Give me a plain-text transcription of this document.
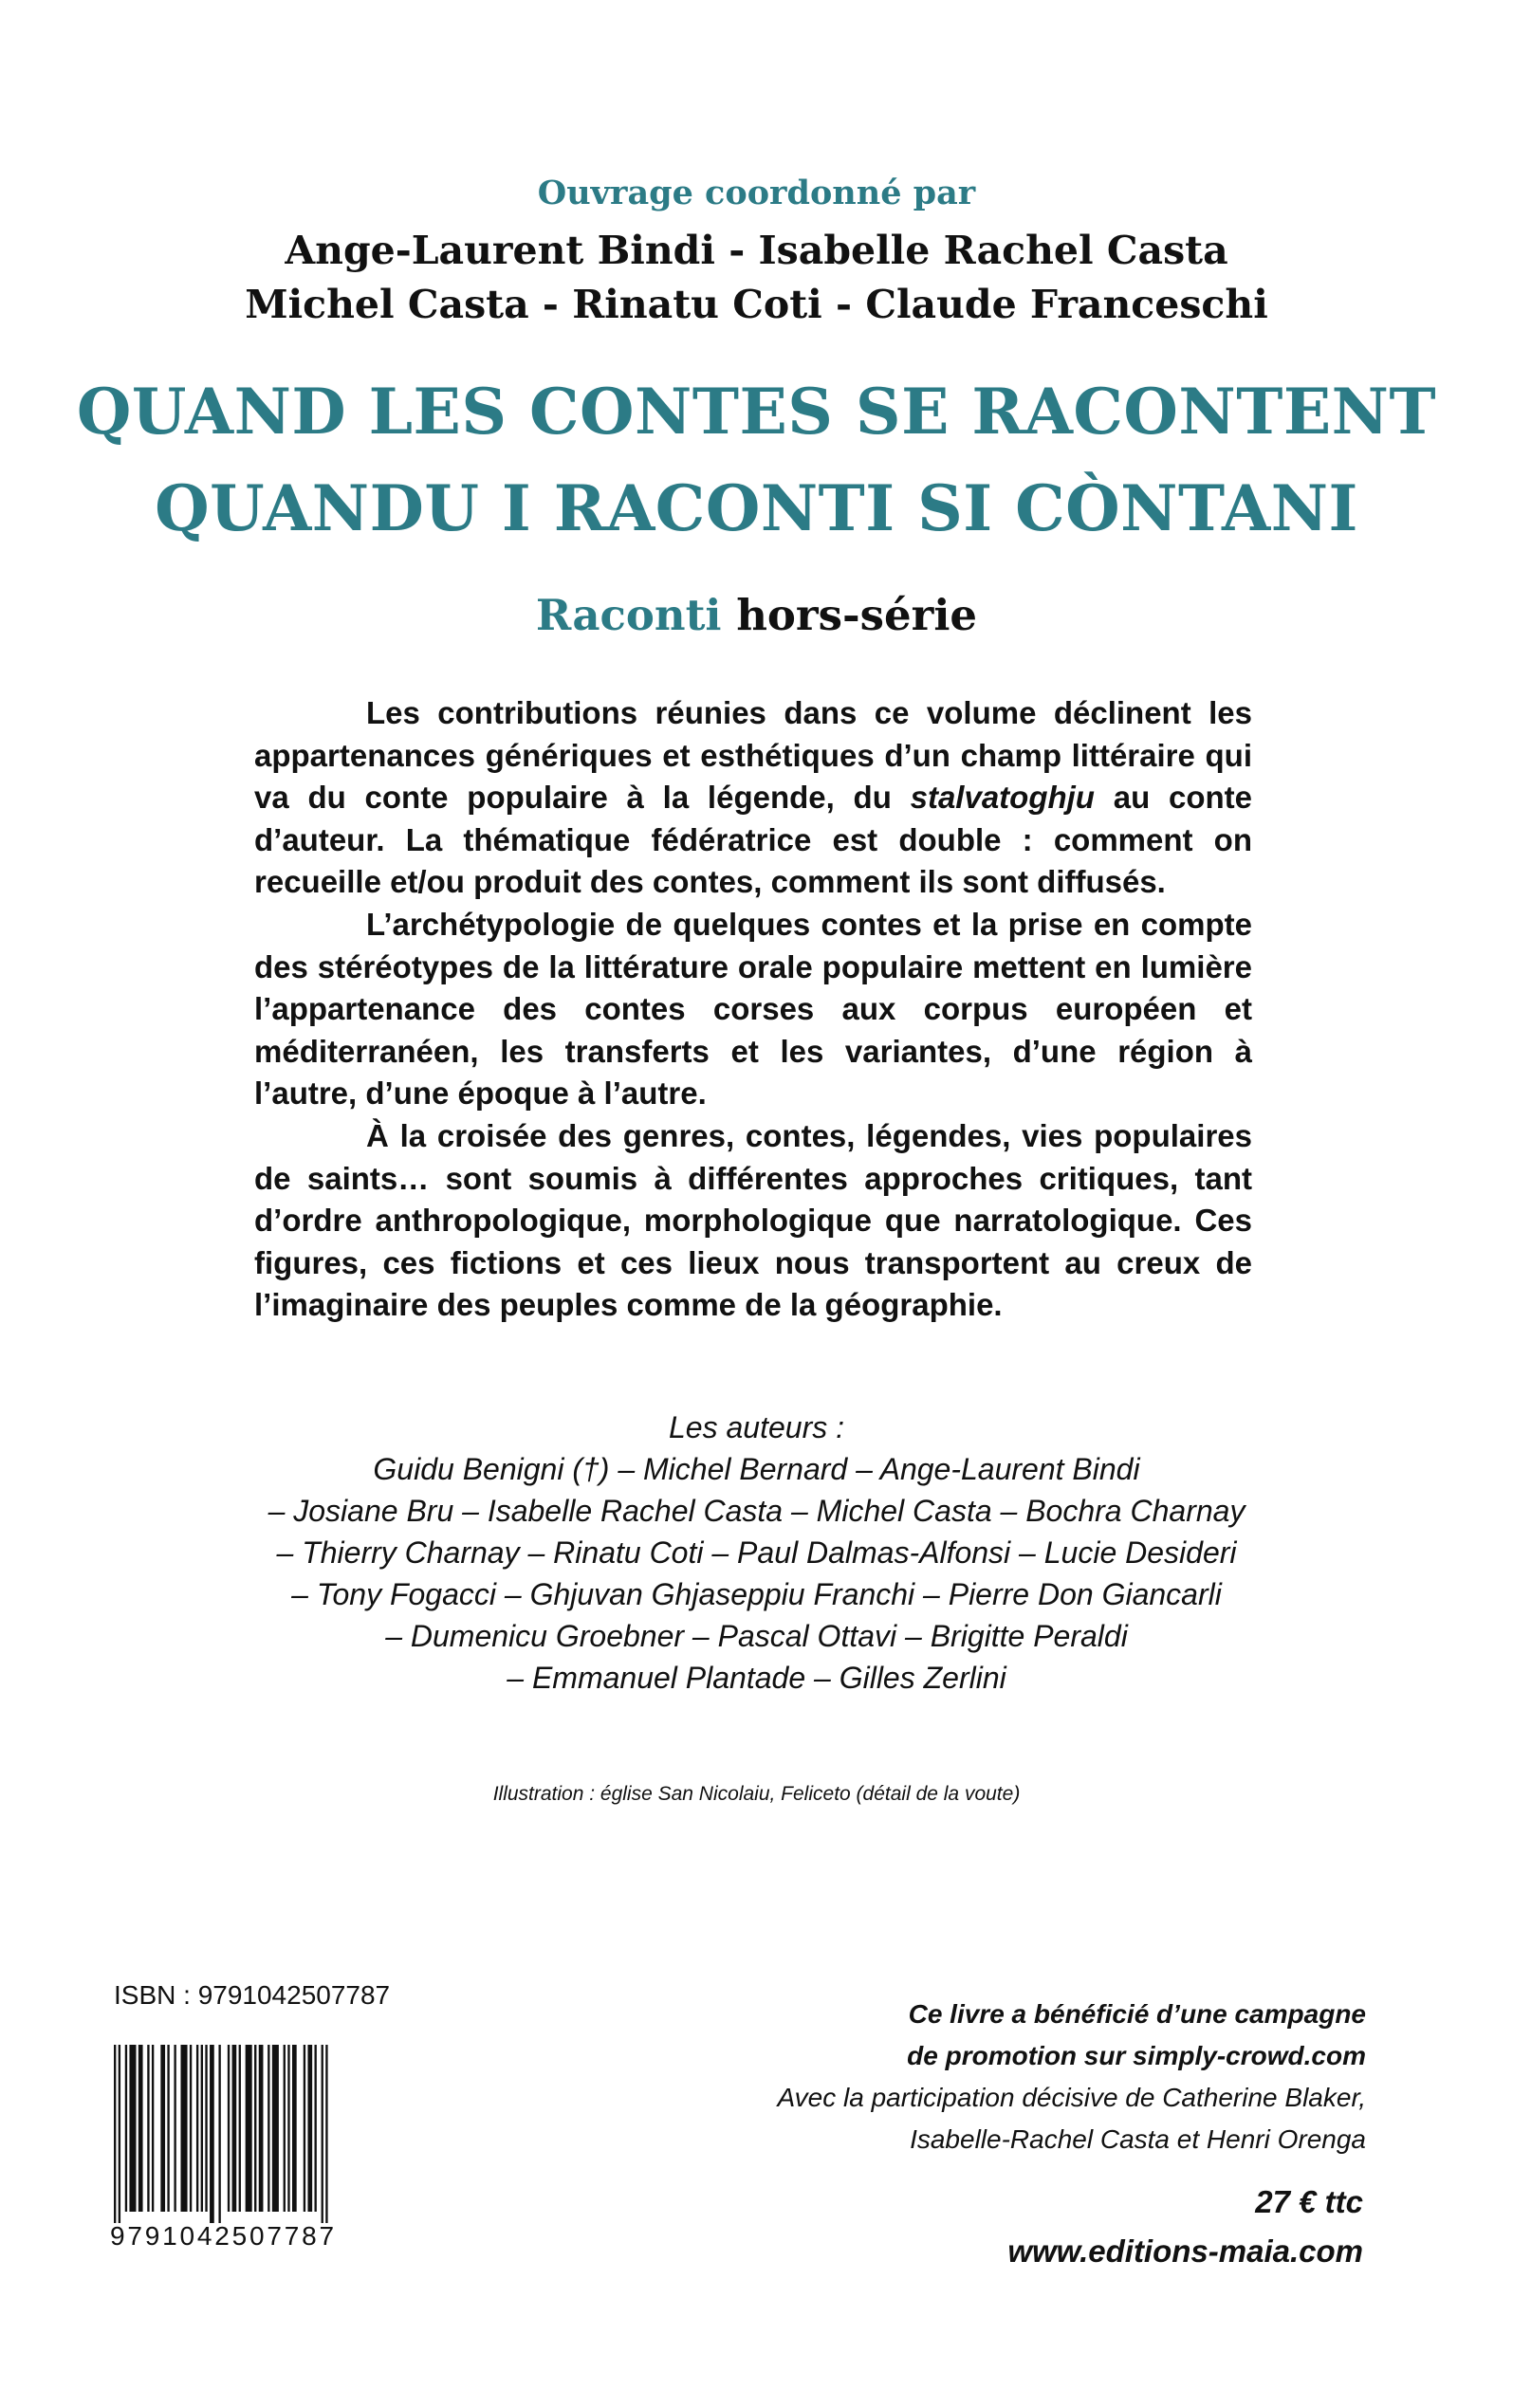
Ouvrage coordonné par
Ange-Laurent Bindi - Isabelle Rachel Casta
Michel Casta - Rinatu Coti - Claude Franceschi
QUAND LES CONTES SE RACONTENT
QUANDU I RACONTI SI CÒNTANI
Raconti hors-série

Les contributions réunies dans ce volume déclinent les appartenances génériques et esthétiques d’un champ littéraire qui va du conte populaire à la légende, du stalvatoghju au conte d’auteur. La thématique fédératrice est double : comment on recueille et/ou produit des contes, comment ils sont diffusés.

L’archétypologie de quelques contes et la prise en compte des stéréotypes de la littérature orale populaire mettent en lumière l’appartenance des contes corses aux corpus européen et méditerranéen, les transferts et les variantes, d’une région à l’autre, d’une époque à l’autre.

À la croisée des genres, contes, légendes, vies populaires de saints… sont soumis à différentes approches critiques, tant d’ordre anthropologique, morphologique que narratologique. Ces figures, ces fictions et ces lieux nous transportent au creux de l’imaginaire des peuples comme de la géographie.

Les auteurs :
Guidu Benigni (†) – Michel Bernard – Ange-Laurent Bindi
– Josiane Bru – Isabelle Rachel Casta – Michel Casta – Bochra Charnay
– Thierry Charnay – Rinatu Coti – Paul Dalmas-Alfonsi – Lucie Desideri
– Tony Fogacci – Ghjuvan Ghjaseppiu Franchi – Pierre Don Giancarli
– Dumenicu Groebner – Pascal Ottavi – Brigitte Peraldi
– Emmanuel Plantade – Gilles Zerlini
Illustration : église San Nicolaiu, Feliceto (détail de la voute)
ISBN : 9791042507787
9791042507787
Ce livre a bénéficié d’une campagne
de promotion sur simply-crowd.com
Avec la participation décisive de Catherine Blaker,
Isabelle-Rachel Casta et Henri Orenga
27 € ttc
www.editions-maia.com
